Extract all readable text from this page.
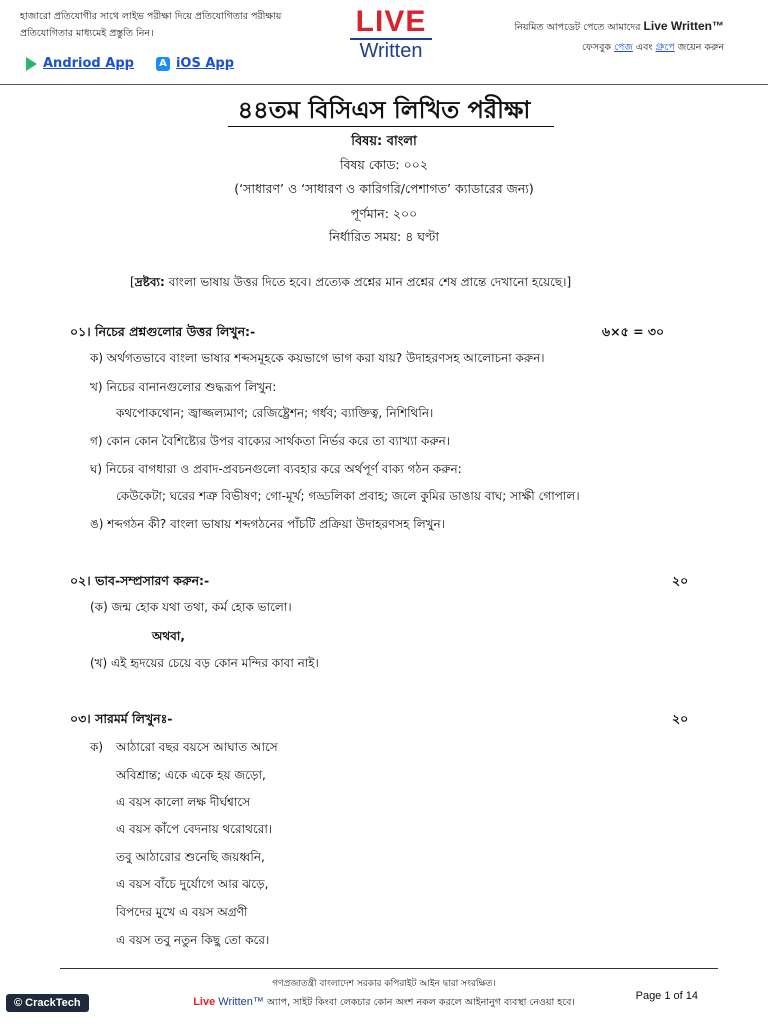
হাজারো প্রতিযোগীর সাথে লাইভ পরীক্ষা দিয়ে প্রতিযোগিতার পরীক্ষায়
প্রতিযোগিতার মাধ্যমেই প্রস্তুতি নিন।
Andriod App	A iOS App
LIVE
Written
নিয়মিত আপডেট পেতে আমাদের Live Written™
ফেসবুক পেজ এবং গ্রুপে জয়েন করুন
৪৪তম বিসিএস লিখিত পরীক্ষা
বিষয়: বাংলা
বিষয় কোড: ০০২
(‘সাধারণ’ ও ‘সাধারণ ও কারিগরি/পেশাগত’ ক্যাডারের জন্য)
পূর্ণমান: ২০০
নির্ধারিত সময়: ৪ ঘণ্টা
[দ্রষ্টব্য: বাংলা ভাষায় উত্তর দিতে হবে। প্রত্যেক প্রশ্নের মান প্রশ্নের শেষ প্রান্তে দেখানো হয়েছে।]
০১। নিচের প্রশ্নগুলোর উত্তর লিখুন:-	৬×৫ = ৩০
ক) অর্থগতভাবে বাংলা ভাষার শব্দসমূহকে কয়ভাগে ভাগ করা যায়? উদাহরণসহ আলোচনা করুন।
খ) নিচের বানানগুলোর শুদ্ধরূপ লিখুন:
কথপোকথোন; জ্বাজ্জল্যমাণ; রেজিষ্ট্রেশন; গর্ধব; ব্যাক্তিত্ব, নিশিথিনি।
গ) কোন কোন বৈশিষ্ট্যের উপর বাক্যের সার্থকতা নির্ভর করে তা ব্যাখ্যা করুন।
ঘ) নিচের বাগধারা ও প্রবাদ-প্রবচনগুলো ব্যবহার করে অর্থপূর্ণ বাক্য গঠন করুন:
কেউকেটা; ঘরের শত্রু বিভীষণ; গো-মূর্খ; গড্ডলিকা প্রবাহ; জলে কুমির ডাঙায় বাঘ; সাক্ষী গোপাল।
ঙ) শব্দগঠন কী? বাংলা ভাষায় শব্দগঠনের পাঁচটি প্রক্রিয়া উদাহরণসহ লিখুন।
০২। ভাব-সম্প্রসারণ করুন:-	২০
(ক) জন্ম হোক যথা তথা, কর্ম হোক ভালো।
অথবা,
(খ) এই হৃদয়ের চেয়ে বড় কোন মন্দির কাবা নাই।
০৩। সারমর্ম লিখুনঃ-	২০
ক) আঠারো বছর বয়সে আঘাত আসে
অবিশ্রান্ত; একে একে হয় জড়ো,
এ বয়স কালো লক্ষ দীর্ঘশ্বাসে
এ বয়স কাঁপে বেদনায় থরোথরো।
তবু আঠারোর শুনেছি জয়ধ্বনি,
এ বয়স বাঁচে দুর্যোগে আর ঝড়ে,
বিপদের মুখে এ বয়স অগ্রণী
এ বয়স তবু নতুন কিছু তো করে।
গণপ্রজাতন্ত্রী বাংলাদেশ সরকার কপিরাইট আইন দ্বারা সংরক্ষিত।
Live Written™ অ্যাপ, সাইট কিংবা লেকচার কোন অংশ নকল করলে আইনানুগ ব্যবস্থা নেওয়া হবে।
Page 1 of 14
© CrackTech
